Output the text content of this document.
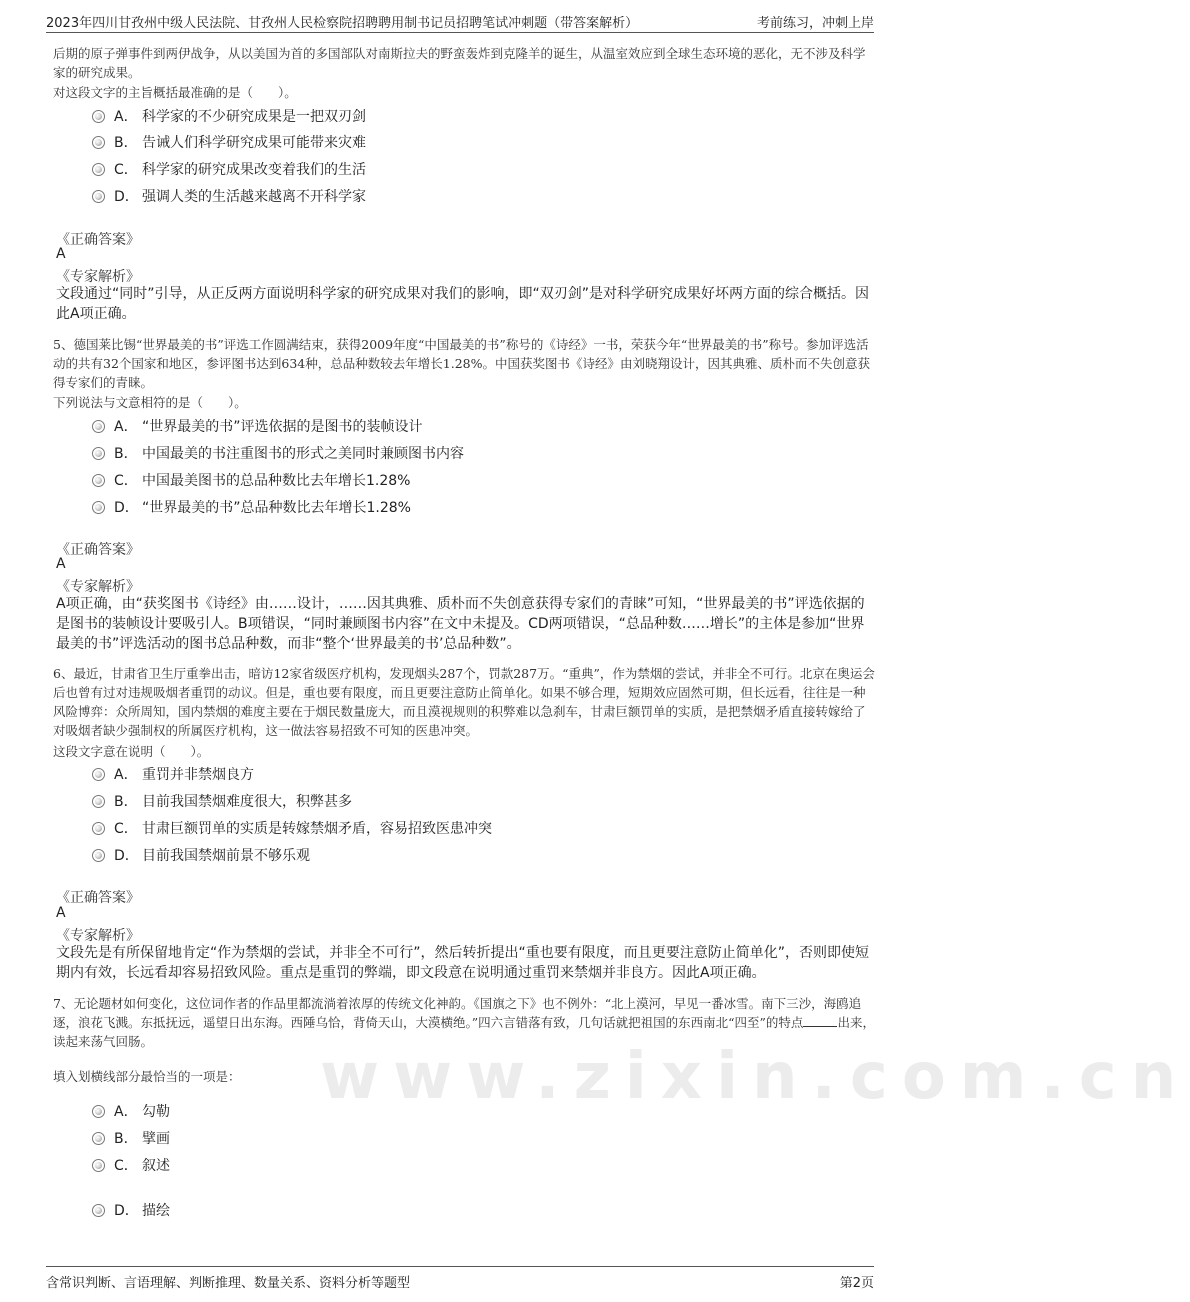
2023年四川甘孜州中级人民法院、甘孜州人民检察院招聘聘用制书记员招聘笔试冲刺题（带答案解析）	考前练习，冲刺上岸
www.zixin.com.cn
后期的原子弹事件到两伊战争，从以美国为首的多国部队对南斯拉夫的野蛮轰炸到克隆羊的诞生，从温室效应到全球生态环境的恶化，无不涉及科学家的研究成果。
对这段文字的主旨概括最准确的是（　　）。
A． 科学家的不少研究成果是一把双刃剑
B． 告诫人们科学研究成果可能带来灾难
C． 科学家的研究成果改变着我们的生活
D． 强调人类的生活越来越离不开科学家
《正确答案》
A
《专家解析》
文段通过“同时”引导，从正反两方面说明科学家的研究成果对我们的影响，即“双刃剑”是对科学研究成果好坏两方面的综合概括。因此A项正确。
5、德国莱比锡“世界最美的书”评选工作圆满结束，获得2009年度“中国最美的书”称号的《诗经》一书，荣获今年“世界最美的书”称号。参加评选活动的共有32个国家和地区，参评图书达到634种，总品种数较去年增长1.28%。中国获奖图书《诗经》由刘晓翔设计，因其典雅、质朴而不失创意获得专家们的青睐。
下列说法与文意相符的是（　　）。
A． “世界最美的书”评选依据的是图书的装帧设计
B． 中国最美的书注重图书的形式之美同时兼顾图书内容
C． 中国最美图书的总品种数比去年增长1.28%
D． “世界最美的书”总品种数比去年增长1.28%
《正确答案》
A
《专家解析》
A项正确，由“获奖图书《诗经》由……设计，……因其典雅、质朴而不失创意获得专家们的青睐”可知，“世界最美的书”评选依据的是图书的装帧设计要吸引人。B项错误，“同时兼顾图书内容”在文中未提及。CD两项错误，“总品种数……增长”的主体是参加“世界最美的书”评选活动的图书总品种数，而非“整个‘世界最美的书’总品种数”。
6、最近，甘肃省卫生厅重拳出击，暗访12家省级医疗机构，发现烟头287个，罚款287万。“重典”，作为禁烟的尝试，并非全不可行。北京在奥运会后也曾有过对违规吸烟者重罚的动议。但是，重也要有限度，而且更要注意防止简单化。如果不够合理，短期效应固然可期，但长远看，往往是一种风险博弈：众所周知，国内禁烟的难度主要在于烟民数量庞大，而且漠视规则的积弊难以急刹车，甘肃巨额罚单的实质，是把禁烟矛盾直接转嫁给了对吸烟者缺少强制权的所属医疗机构，这一做法容易招致不可知的医患冲突。
这段文字意在说明（　　）。
A． 重罚并非禁烟良方
B． 目前我国禁烟难度很大，积弊甚多
C． 甘肃巨额罚单的实质是转嫁禁烟矛盾，容易招致医患冲突
D． 目前我国禁烟前景不够乐观
《正确答案》
A
《专家解析》
文段先是有所保留地肯定“作为禁烟的尝试，并非全不可行”，然后转折提出“重也要有限度，而且更要注意防止简单化”，否则即使短期内有效，长远看却容易招致风险。重点是重罚的弊端，即文段意在说明通过重罚来禁烟并非良方。因此A项正确。
7、无论题材如何变化，这位词作者的作品里都流淌着浓厚的传统文化神韵。《国旗之下》也不例外：“北上漠河，早见一番冰雪。南下三沙，海鸥追逐，浪花飞溅。东抵抚远，遥望日出东海。西陲乌恰，背倚天山，大漠横绝。”四六言错落有致，几句话就把祖国的东西南北“四至”的特点	出来，读起来荡气回肠。
填入划横线部分最恰当的一项是：
A． 勾勒
B． 擘画
C． 叙述
D． 描绘
含常识判断、言语理解、判断推理、数量关系、资料分析等题型	第2页
